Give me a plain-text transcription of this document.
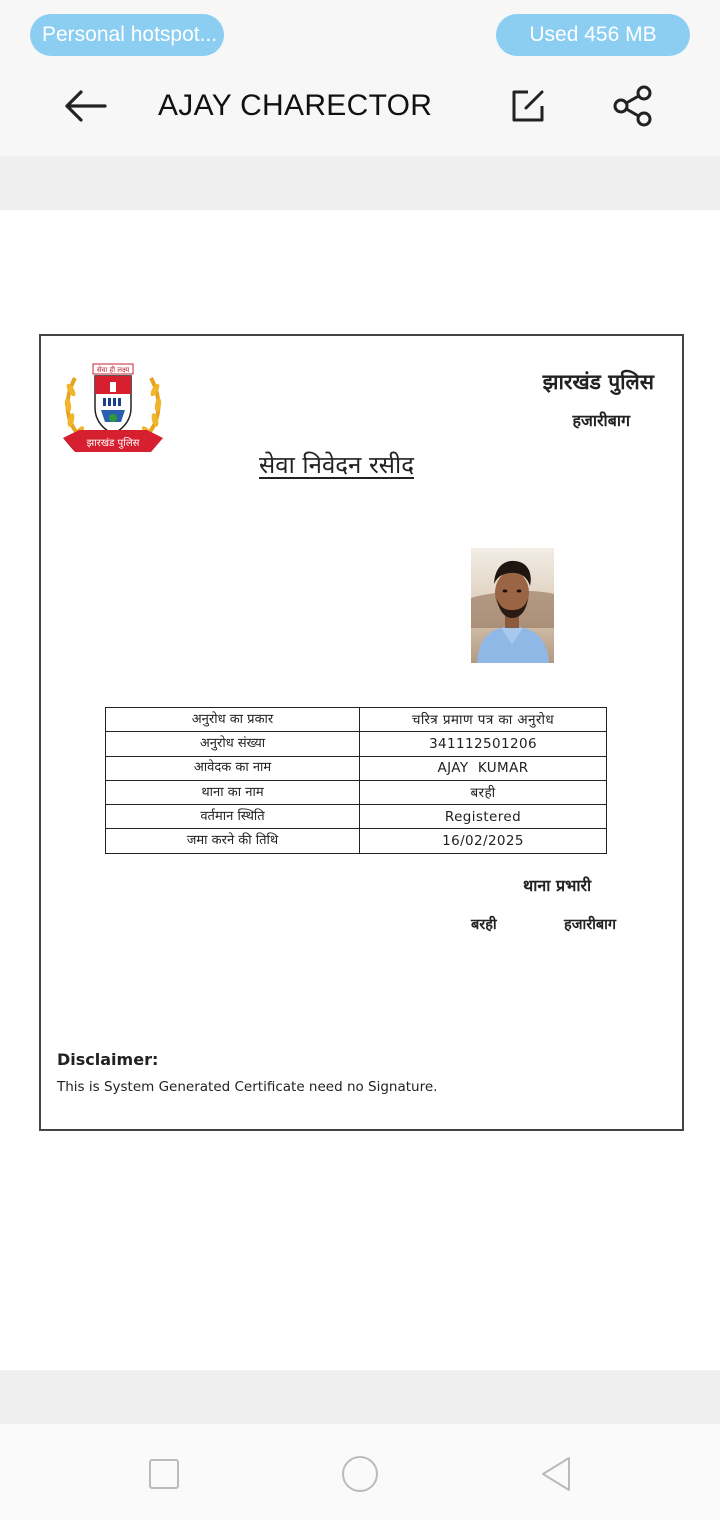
Personal hotspot...	Used 456 MB
AJAY CHARECTOR
सेवा ही लक्ष्य
झारखंड पुलिस
झारखंड पुलिस
हजारीबाग
सेवा निवेदन रसीद
अनुरोध का प्रकार	चरित्र प्रमाण पत्र का अनुरोध
अनुरोध संख्या	341112501206
आवेदक का नाम	AJAY  KUMAR
थाना का नाम	बरही
वर्तमान स्थिति	Registered
जमा करने की तिथि	16/02/2025
थाना प्रभारी
बरही	हजारीबाग
Disclaimer:
This is System Generated Certificate need no Signature.
